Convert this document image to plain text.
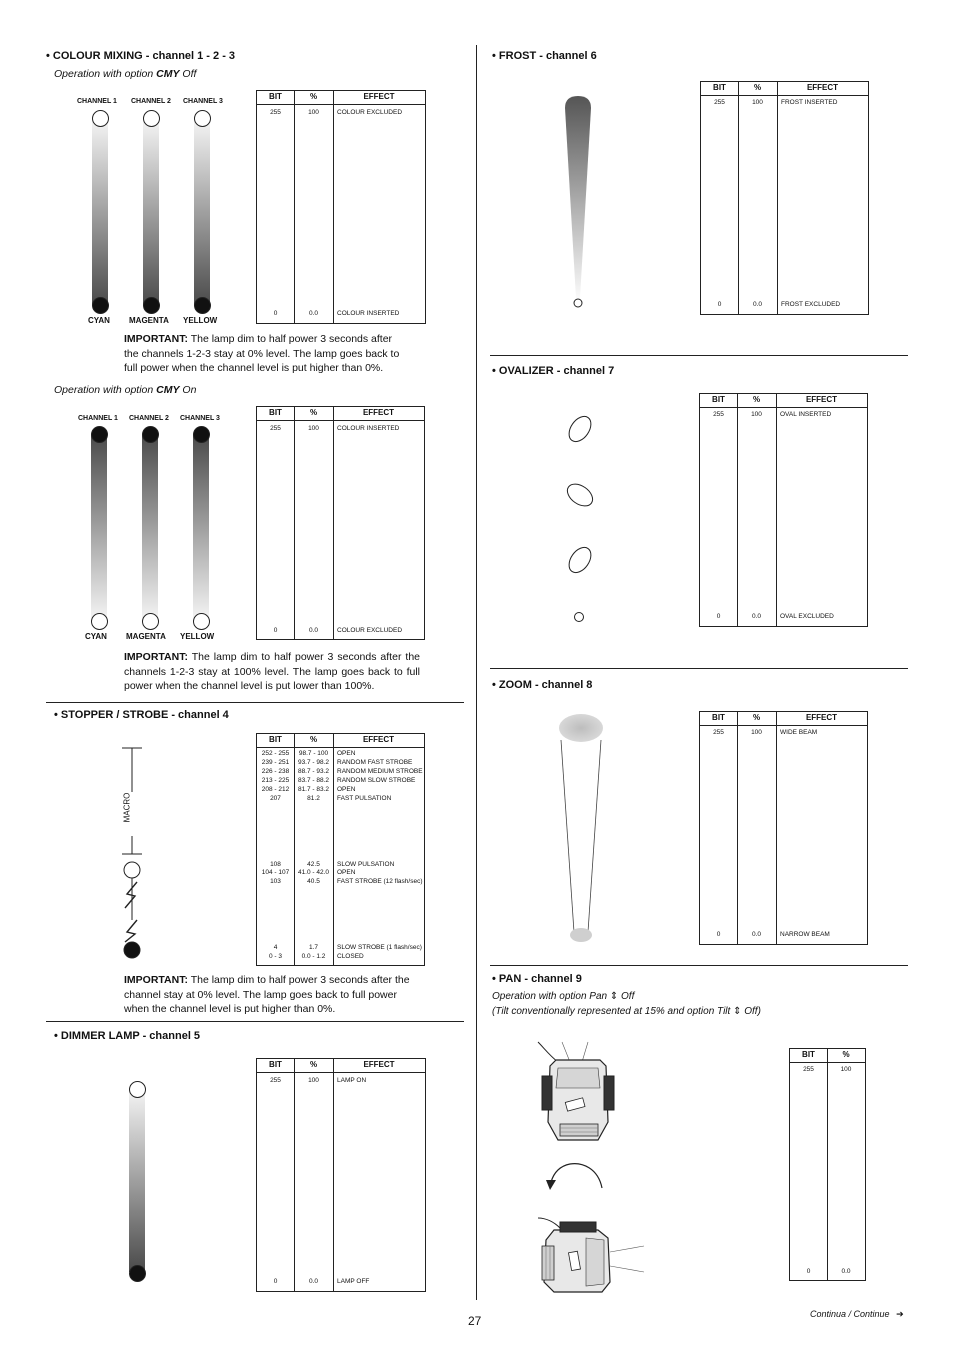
• COLOUR MIXING - channel 1 - 2 - 3
Operation with option CMY Off
CHANNEL 1 CHANNEL 2 CHANNEL 3
CYAN MAGENTA YELLOW
BIT	%	EFFECT
255	100	COLOUR EXCLUDED
0	0.0	COLOUR INSERTED
IMPORTANT: The lamp dim to half power 3 seconds after the channels 1-2-3 stay at 0% level. The lamp goes back to full power when the channel level is put higher than 0%.
Operation with option CMY On
CHANNEL 1 CHANNEL 2 CHANNEL 3
CYAN MAGENTA YELLOW
BIT	%	EFFECT
255	100	COLOUR INSERTED
0	0.0	COLOUR EXCLUDED
IMPORTANT: The lamp dim to half power 3 seconds after the channels 1-2-3 stay at 100% level. The lamp goes back to full power when the channel level is put lower than 100%.
• STOPPER / STROBE - channel 4
MACRO
BIT	%	EFFECT
252 - 255	98.7 - 100	OPEN
239 - 251	93.7 - 98.2	RANDOM FAST STROBE
226 - 238	88.7 - 93.2	RANDOM MEDIUM STROBE
213 - 225	83.7 - 88.2	RANDOM SLOW STROBE
208 - 212	81.7 - 83.2	OPEN
207	81.2	FAST PULSATION
108	42.5	SLOW PULSATION
104 - 107	41.0 - 42.0	OPEN
103	40.5	FAST STROBE (12 flash/sec)
4	1.7	SLOW STROBE (1 flash/sec)
0 - 3	0.0 - 1.2	CLOSED
IMPORTANT: The lamp dim to half power 3 seconds after the channel stay at 0% level. The lamp goes back to full power when the channel level is put higher than 0%.
• DIMMER LAMP - channel 5
BIT	%	EFFECT
255	100	LAMP ON
0	0.0	LAMP OFF
• FROST - channel 6
BIT	%	EFFECT
255	100	FROST INSERTED
0	0.0	FROST EXCLUDED
• OVALIZER - channel 7
BIT	%	EFFECT
255	100	OVAL INSERTED
0	0.0	OVAL EXCLUDED
• ZOOM - channel 8
BIT	%	EFFECT
255	100	WIDE BEAM
0	0.0	NARROW BEAM
• PAN - channel 9
Operation with option Pan ⇕ Off
(Tilt conventionally represented at 15% and option Tilt ⇕ Off)
BIT	%
255	100
0	0.0
27	Continua / Continue ➔
